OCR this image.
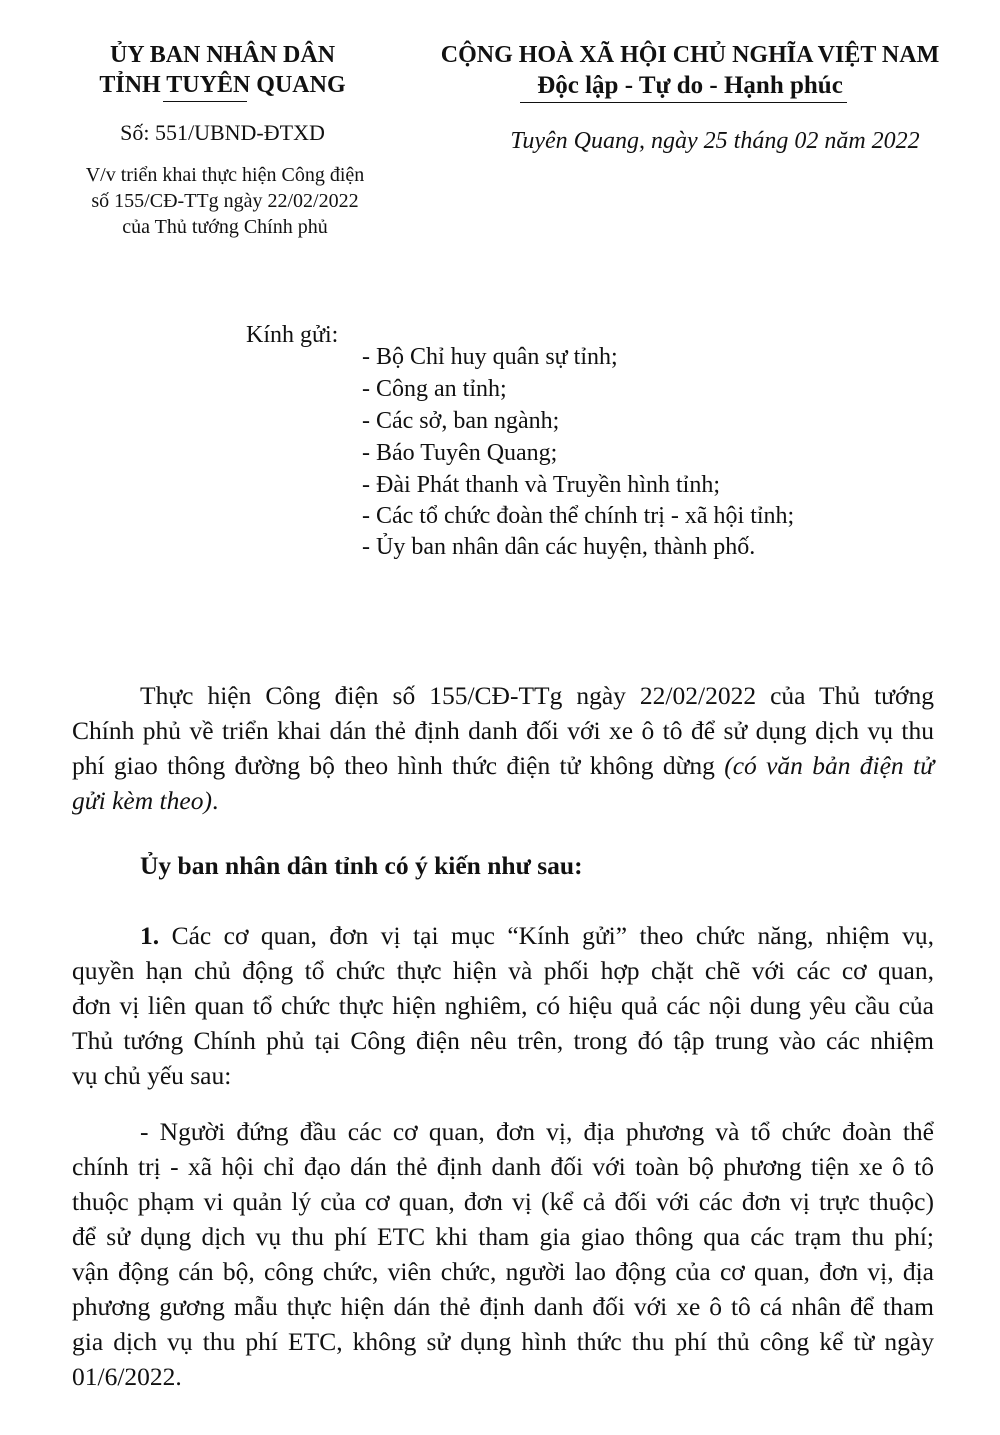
ỦY BAN NHÂN DÂN
TỈNH TUYÊN QUANG
Số: 551/UBND-ĐTXD
V/v triển khai thực hiện Công điện
số 155/CĐ-TTg ngày 22/02/2022
của Thủ tướng Chính phủ
CỘNG HOÀ XÃ HỘI CHỦ NGHĨA VIỆT NAM
Độc lập - Tự do - Hạnh phúc
Tuyên Quang, ngày 25 tháng 02 năm 2022
Kính gửi:
- Bộ Chỉ huy quân sự tỉnh;
- Công an tỉnh;
- Các sở, ban ngành;
- Báo Tuyên Quang;
- Đài Phát thanh và Truyền hình tỉnh;
- Các tổ chức đoàn thể chính trị - xã hội tỉnh;
- Ủy ban nhân dân các huyện, thành phố.
Thực hiện Công điện số 155/CĐ-TTg ngày 22/02/2022 của Thủ tướng
Chính phủ về triển khai dán thẻ định danh đối với xe ô tô để sử dụng dịch vụ thu
phí giao thông đường bộ theo hình thức điện tử không dừng (có văn bản điện tử
gửi kèm theo).
Ủy ban nhân dân tỉnh có ý kiến như sau:
1. Các cơ quan, đơn vị tại mục “Kính gửi” theo chức năng, nhiệm vụ,
quyền hạn chủ động tổ chức thực hiện và phối hợp chặt chẽ với các cơ quan,
đơn vị liên quan tổ chức thực hiện nghiêm, có hiệu quả các nội dung yêu cầu của
Thủ tướng Chính phủ tại Công điện nêu trên, trong đó tập trung vào các nhiệm
vụ chủ yếu sau:
- Người đứng đầu các cơ quan, đơn vị, địa phương và tổ chức đoàn thể
chính trị - xã hội chỉ đạo dán thẻ định danh đối với toàn bộ phương tiện xe ô tô
thuộc phạm vi quản lý của cơ quan, đơn vị (kể cả đối với các đơn vị trực thuộc)
để sử dụng dịch vụ thu phí ETC khi tham gia giao thông qua các trạm thu phí;
vận động cán bộ, công chức, viên chức, người lao động của cơ quan, đơn vị, địa
phương gương mẫu thực hiện dán thẻ định danh đối với xe ô tô cá nhân để tham
gia dịch vụ thu phí ETC, không sử dụng hình thức thu phí thủ công kể từ ngày
01/6/2022.
